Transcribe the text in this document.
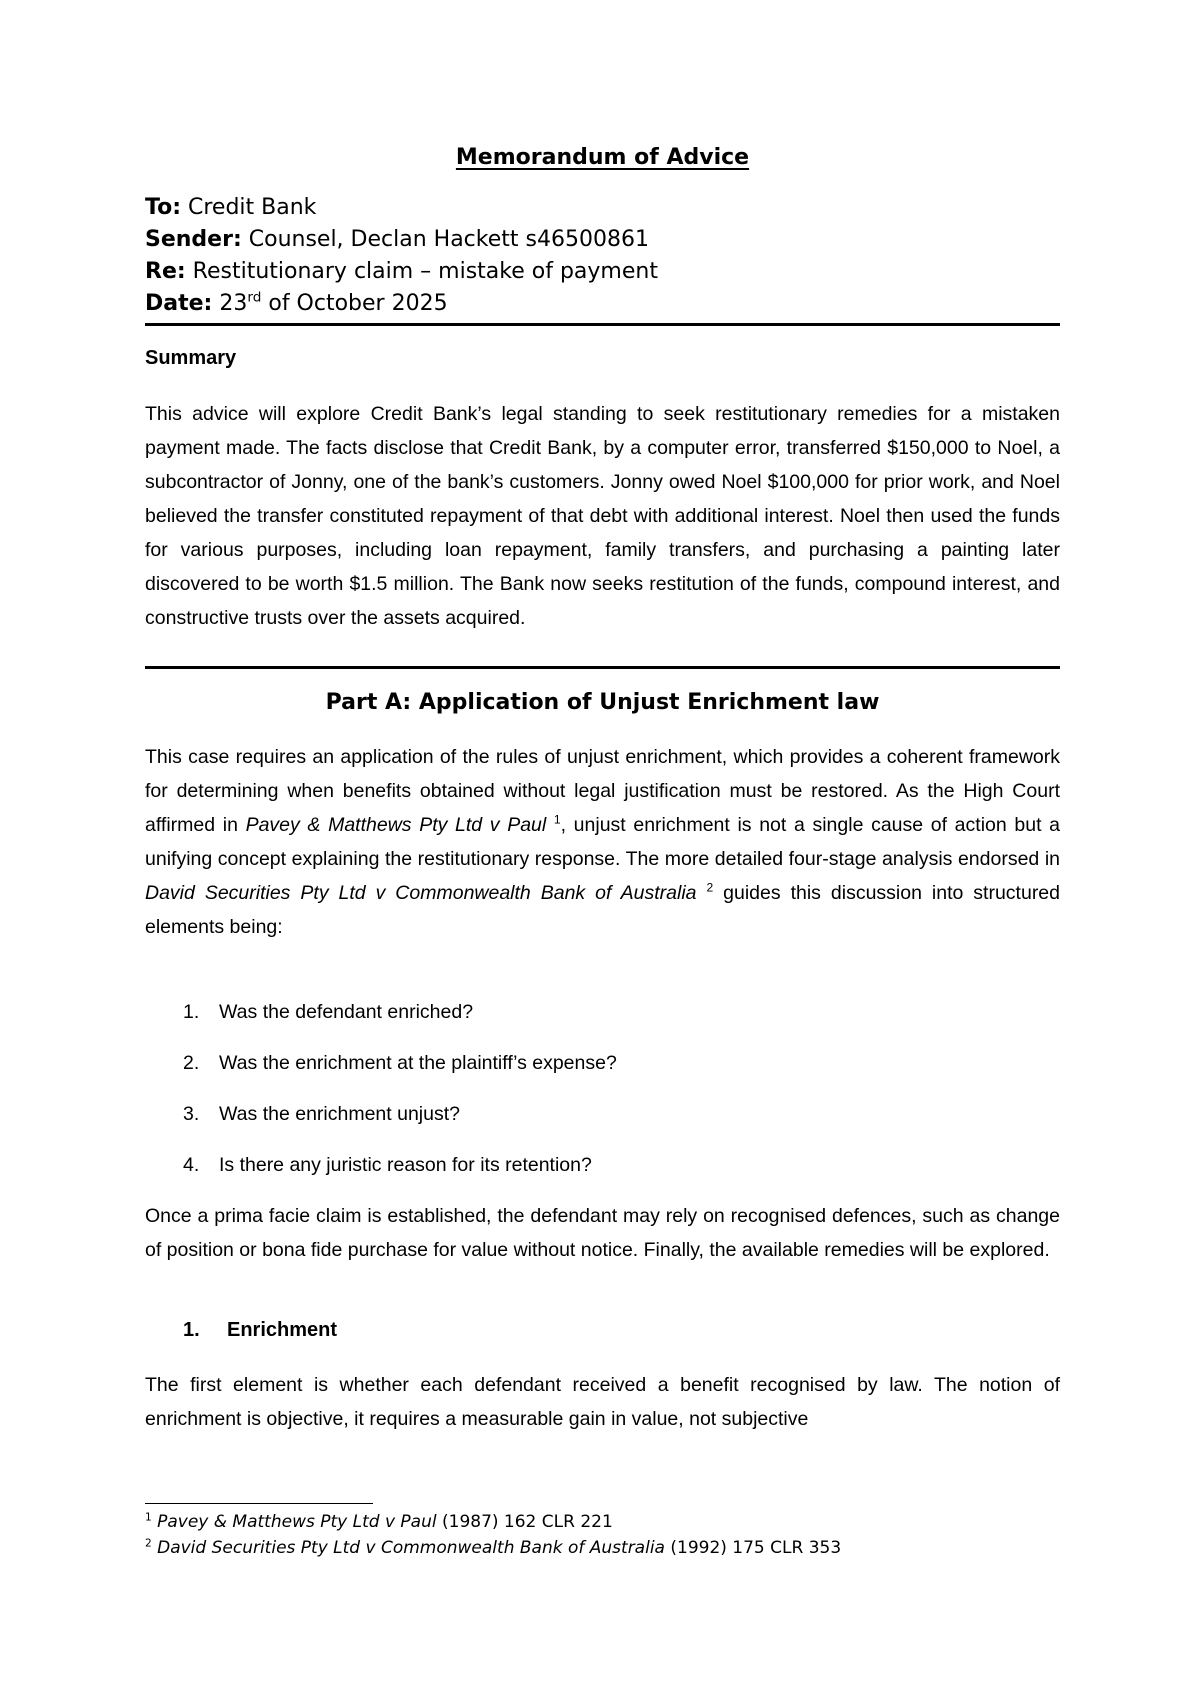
Memorandum of Advice
To: Credit Bank
Sender: Counsel, Declan Hackett s46500861
Re: Restitutionary claim – mistake of payment
Date: 23rd of October 2025
Summary
This advice will explore Credit Bank’s legal standing to seek restitutionary remedies for a mistaken payment made. The facts disclose that Credit Bank, by a computer error, transferred $150,000 to Noel, a subcontractor of Jonny, one of the bank’s customers. Jonny owed Noel $100,000 for prior work, and Noel believed the transfer constituted repayment of that debt with additional interest. Noel then used the funds for various purposes, including loan repayment, family transfers, and purchasing a painting later discovered to be worth $1.5 million. The Bank now seeks restitution of the funds, compound interest, and constructive trusts over the assets acquired.
Part A: Application of Unjust Enrichment law
This case requires an application of the rules of unjust enrichment, which provides a coherent framework for determining when benefits obtained without legal justification must be restored. As the High Court affirmed in Pavey & Matthews Pty Ltd v Paul $^1$, unjust enrichment is not a single cause of action but a unifying concept explaining the restitutionary response. The more detailed four-stage analysis endorsed in David Securities Pty Ltd v Commonwealth Bank of Australia $^2$ guides this discussion into structured elements being:
1. Was the defendant enriched?
2. Was the enrichment at the plaintiff’s expense?
3. Was the enrichment unjust?
4. Is there any juristic reason for its retention?
Once a prima facie claim is established, the defendant may rely on recognised defences, such as change of position or bona fide purchase for value without notice. Finally, the available remedies will be explored.
1. Enrichment
The first element is whether each defendant received a benefit recognised by law. The notion of enrichment is objective, it requires a measurable gain in value, not subjective
$^1$ Pavey & Matthews Pty Ltd v Paul (1987) 162 CLR 221
$^2$ David Securities Pty Ltd v Commonwealth Bank of Australia (1992) 175 CLR 353
